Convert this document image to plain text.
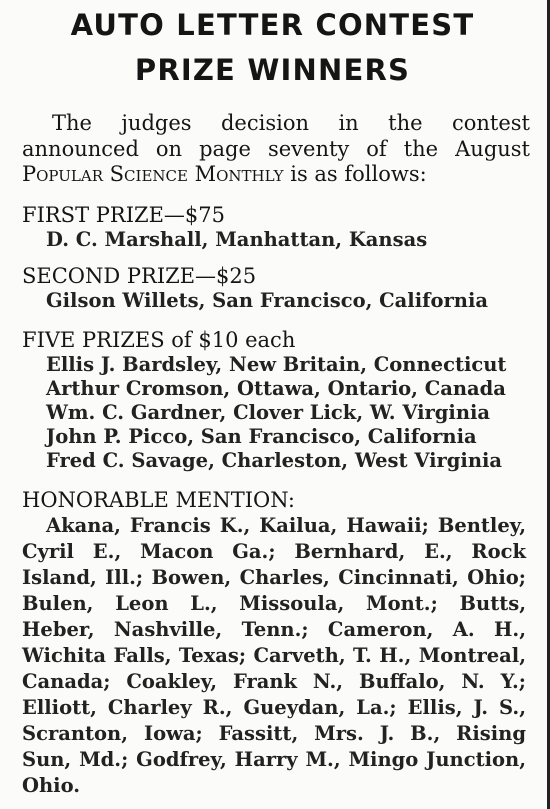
AUTO LETTER CONTEST
PRIZE WINNERS

The judges decision in the contest announced on page seventy of the August Popular Science Monthly is as follows:

FIRST PRIZE—$75

D. C. Marshall, Manhattan, Kansas

SECOND PRIZE—$25

Gilson Willets, San Francisco, California

FIVE PRIZES of $10 each

Ellis J. Bardsley, New Britain, Connecticut

Arthur Cromson, Ottawa, Ontario, Canada

Wm. C. Gardner, Clover Lick, W. Virginia

John P. Picco, San Francisco, California

Fred C. Savage, Charleston, West Virginia

HONORABLE MENTION:

Akana, Francis K., Kailua, Hawaii; Bentley, Cyril E., Macon Ga.; Bernhard, E., Rock Island, Ill.; Bowen, Charles, Cincinnati, Ohio; Bulen, Leon L., Missoula, Mont.; Butts, Heber, Nashville, Tenn.; Cameron, A. H., Wichita Falls, Texas; Carveth, T. H., Montreal, Canada; Coakley, Frank N., Buffalo, N. Y.; Elliott, Charley R., Gueydan, La.; Ellis, J. S., Scranton, Iowa; Fassitt, Mrs. J. B., Rising Sun, Md.; Godfrey, Harry M., Mingo Junction, Ohio.
